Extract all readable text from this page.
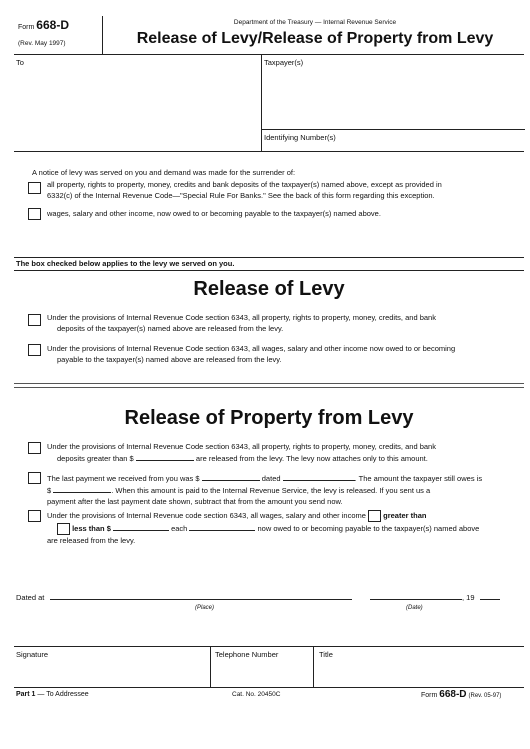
Form 668-D
(Rev. May 1997)
Department of the Treasury — Internal Revenue Service
Release of Levy/Release of Property from Levy
To	Taxpayer(s)
Identifying Number(s)
A notice of levy was served on you and demand was made for the surrender of:
all property, rights to property, money, credits and bank deposits of the taxpayer(s) named above, except as provided in
6332(c) of the Internal Revenue Code—"Special Rule For Banks." See the back of this form regarding this exception.
wages, salary and other income, now owed to or becoming payable to the taxpayer(s) named above.
The box checked below applies to the levy we served on you.
Release of Levy
Under the provisions of Internal Revenue Code section 6343, all property, rights to property, money, credits, and bank
deposits of the taxpayer(s) named above are released from the levy.
Under the provisions of Internal Revenue Code section 6343, all wages, salary and other income now owed to or becoming
payable to the taxpayer(s) named above are released from the levy.
Release of Property from Levy
Under the provisions of Internal Revenue Code section 6343, all property, rights to property, money, credits, and bank
deposits greater than $	are released from the levy. The levy now attaches only to this amount.
The last payment we received from you was $	dated	. The amount the taxpayer still owes is
$	. When this amount is paid to the Internal Revenue Service, the levy is released. If you sent us a
payment after the last payment date shown, subtract that from the amount you send now.
Under the provisions of Internal Revenue code section 6343, all wages, salary and other income greater than
less than $	each	now owed to or becoming payable to the taxpayer(s) named above
are released from the levy.
Dated at
(Place)	(Date)
, 19
Signature	Telephone Number	Title
Part 1 — To Addressee	Cat. No. 20450C	Form 668-D (Rev. 05-97)
